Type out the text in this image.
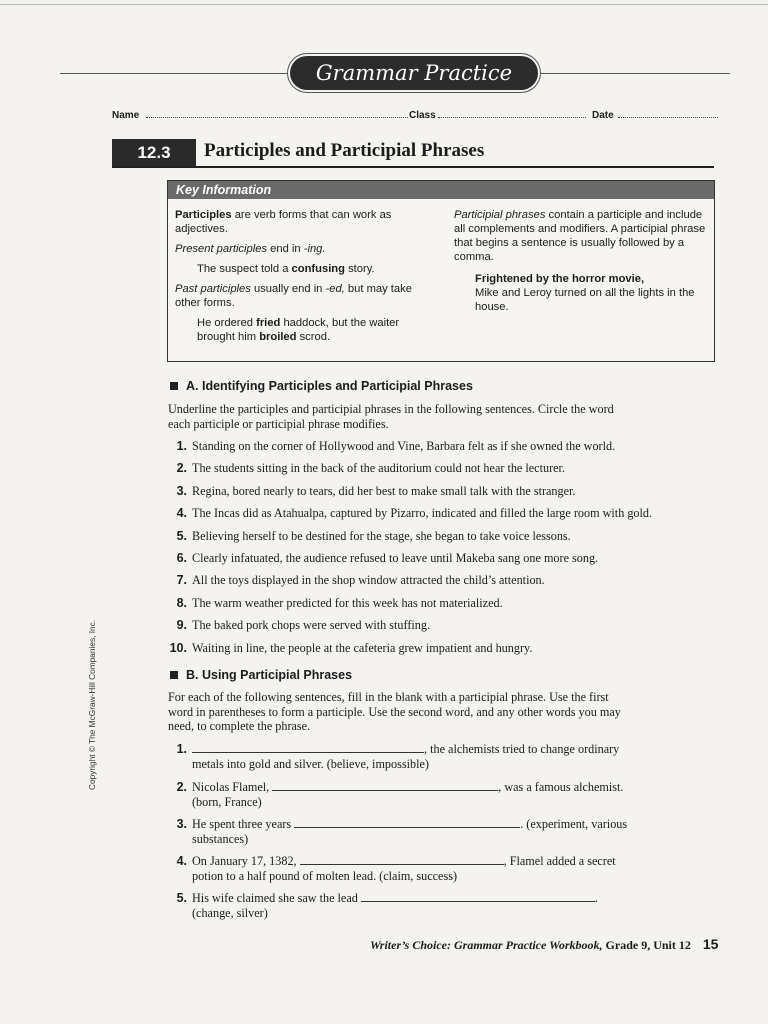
Grammar Practice
Name	Class	Date
12.3	Participles and Participial Phrases
Key Information

Participles are verb forms that can work as adjectives.

Present participles end in -ing.

The suspect told a confusing story.

Past participles usually end in -ed, but may take other forms.

He ordered fried haddock, but the waiter brought him broiled scrod.

Participial phrases contain a participle and include all complements and modifiers. A participial phrase that begins a sentence is usually followed by a comma.

Frightened by the horror movie,
Mike and Leroy turned on all the lights in the house.

A. Identifying Participles and Participial Phrases
Underline the participles and participial phrases in the following sentences. Circle the word
each participle or participial phrase modifies.
1. Standing on the corner of Hollywood and Vine, Barbara felt as if she owned the world.
2. The students sitting in the back of the auditorium could not hear the lecturer.
3. Regina, bored nearly to tears, did her best to make small talk with the stranger.
4. The Incas did as Atahualpa, captured by Pizarro, indicated and filled the large room with gold.
5. Believing herself to be destined for the stage, she began to take voice lessons.
6. Clearly infatuated, the audience refused to leave until Makeba sang one more song.
7. All the toys displayed in the shop window attracted the child’s attention.
8. The warm weather predicted for this week has not materialized.
9. The baked pork chops were served with stuffing.
10. Waiting in line, the people at the cafeteria grew impatient and hungry.
B. Using Participial Phrases
For each of the following sentences, fill in the blank with a participial phrase. Use the first
word in parentheses to form a participle. Use the second word, and any other words you may
need, to complete the phrase.
1.	, the alchemists tried to change ordinary
metals into gold and silver. (believe, impossible)
2. Nicolas Flamel,	, was a famous alchemist.
(born, France)
3. He spent three years	. (experiment, various
substances)
4. On January 17, 1382,	, Flamel added a secret
potion to a half pound of molten lead. (claim, success)
5. His wife claimed she saw the lead	.
(change, silver)
Copyright © The McGraw-Hill Companies, Inc.
Writer’s Choice: Grammar Practice Workbook, Grade 9, Unit 12 15
